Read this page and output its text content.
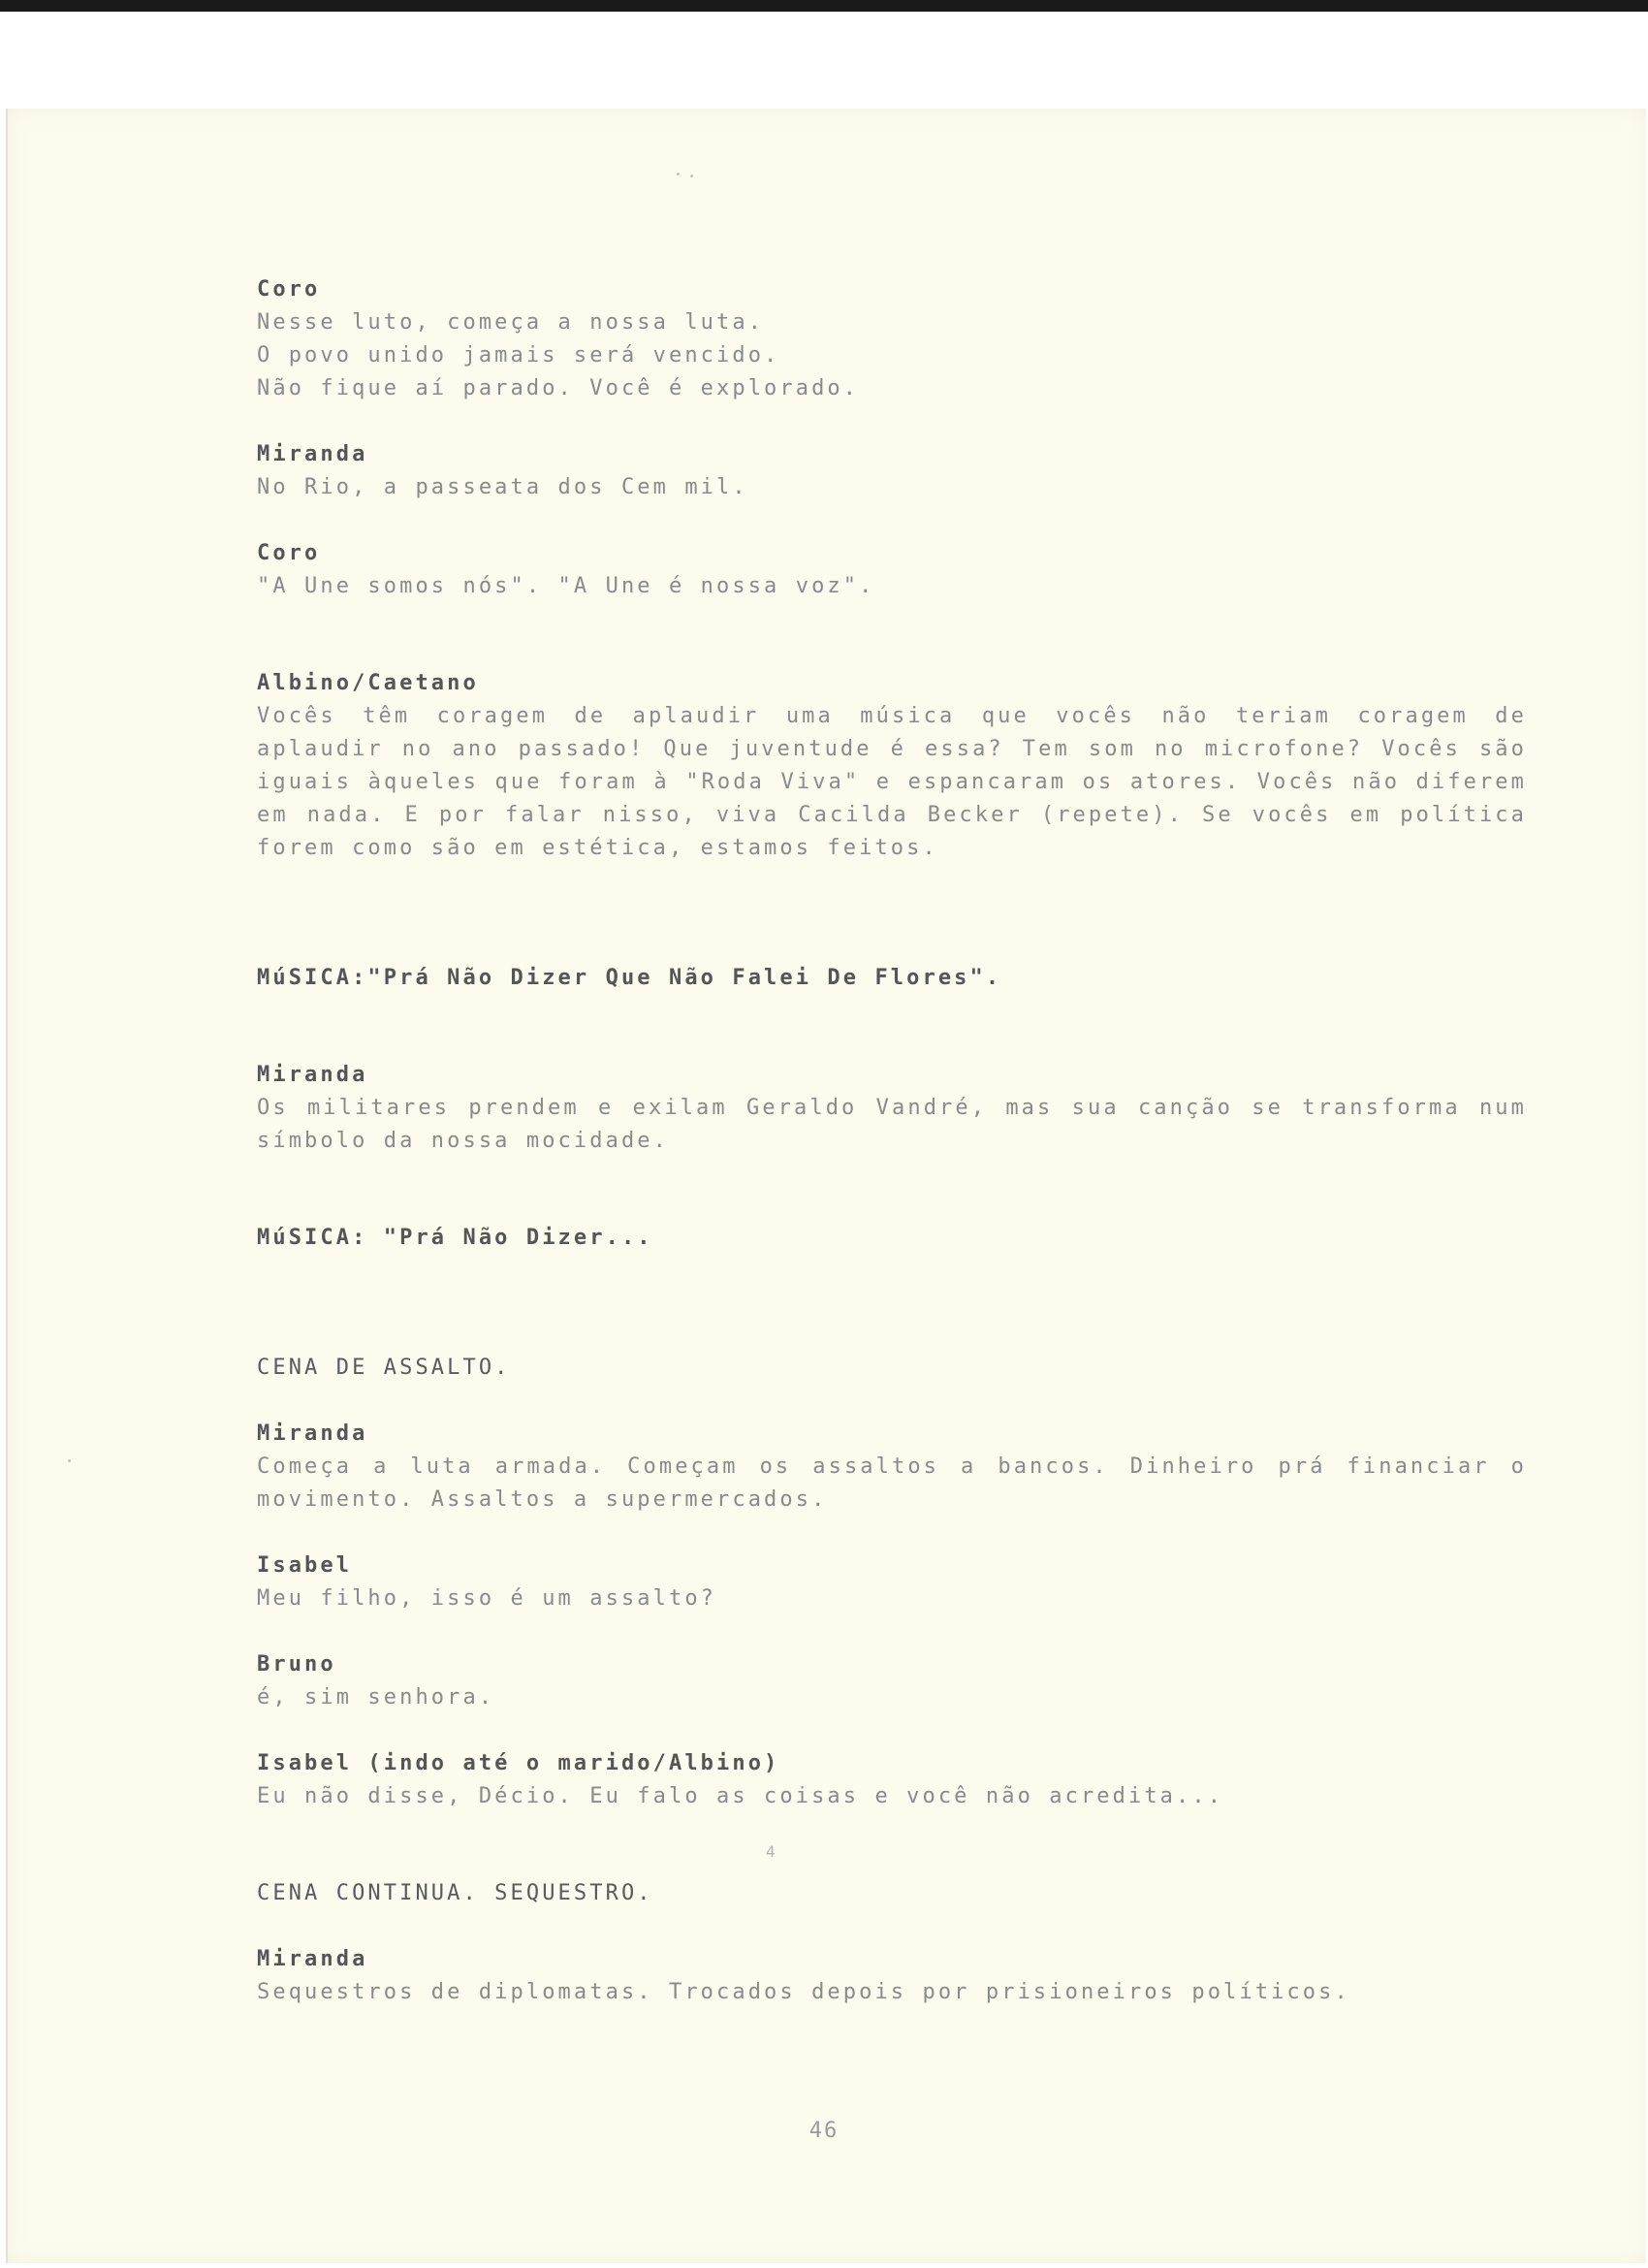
Coro
Nesse luto, começa a nossa luta.
O povo unido jamais será vencido.
Não fique aí parado. Você é explorado.
Miranda
No Rio, a passeata dos Cem mil.
Coro
"A Une somos nós". "A Une é nossa voz".
Albino/Caetano
Vocês têm coragem de aplaudir uma música que vocês não teriam coragem de aplaudir no ano passado! Que juventude é essa? Tem som no microfone? Vocês são iguais àqueles que foram à "Roda Viva" e espancaram os atores. Vocês não diferem em nada. E por falar nisso, viva Cacilda Becker (repete). Se vocês em política forem como são em estética, estamos feitos.
MúSICA:"Prá Não Dizer Que Não Falei De Flores".
Miranda
Os militares prendem e exilam Geraldo Vandré, mas sua canção se transforma num símbolo da nossa mocidade.
MúSICA: "Prá Não Dizer...
CENA DE ASSALTO.
Miranda
Começa a luta armada. Começam os assaltos a bancos. Dinheiro prá financiar o movimento. Assaltos a supermercados.
Isabel
Meu filho, isso é um assalto?
Bruno
é, sim senhora.
Isabel (indo até o marido/Albino)
Eu não disse, Décio. Eu falo as coisas e você não acredita...
CENA CONTINUA. SEQUESTRO.
Miranda
Sequestros de diplomatas. Trocados depois por prisioneiros políticos.
4
46
